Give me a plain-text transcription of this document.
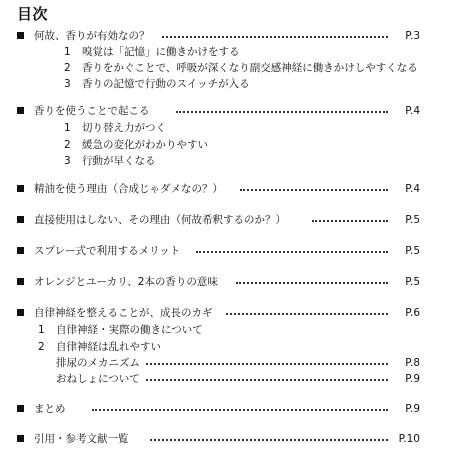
目次
何故、香りが有効なの？	P.3
1 嗅覚は「記憶」に働きかけをする
2 香りをかぐことで、呼吸が深くなり副交感神経に働きかけしやすくなる
3 香りの記憶で行動のスイッチが入る
香りを使うことで起こる	P.4
1 切り替え力がつく
2 緩急の変化がわかりやすい
3 行動が早くなる
精油を使う理由（合成じゃダメなの？）	P.4
直接使用はしない、その理由（何故希釈するのか？）	P.5
スプレー式で利用するメリット	P.5
オレンジとユーカリ、2本の香りの意味	P.5
自律神経を整えることが、成長のカギ	P.6
1 自律神経・実際の働きについて
2 自律神経は乱れやすい
排尿のメカニズム	P.8
おねしょについて	P.9
まとめ	P.9
引用・参考文献一覧	P.10
